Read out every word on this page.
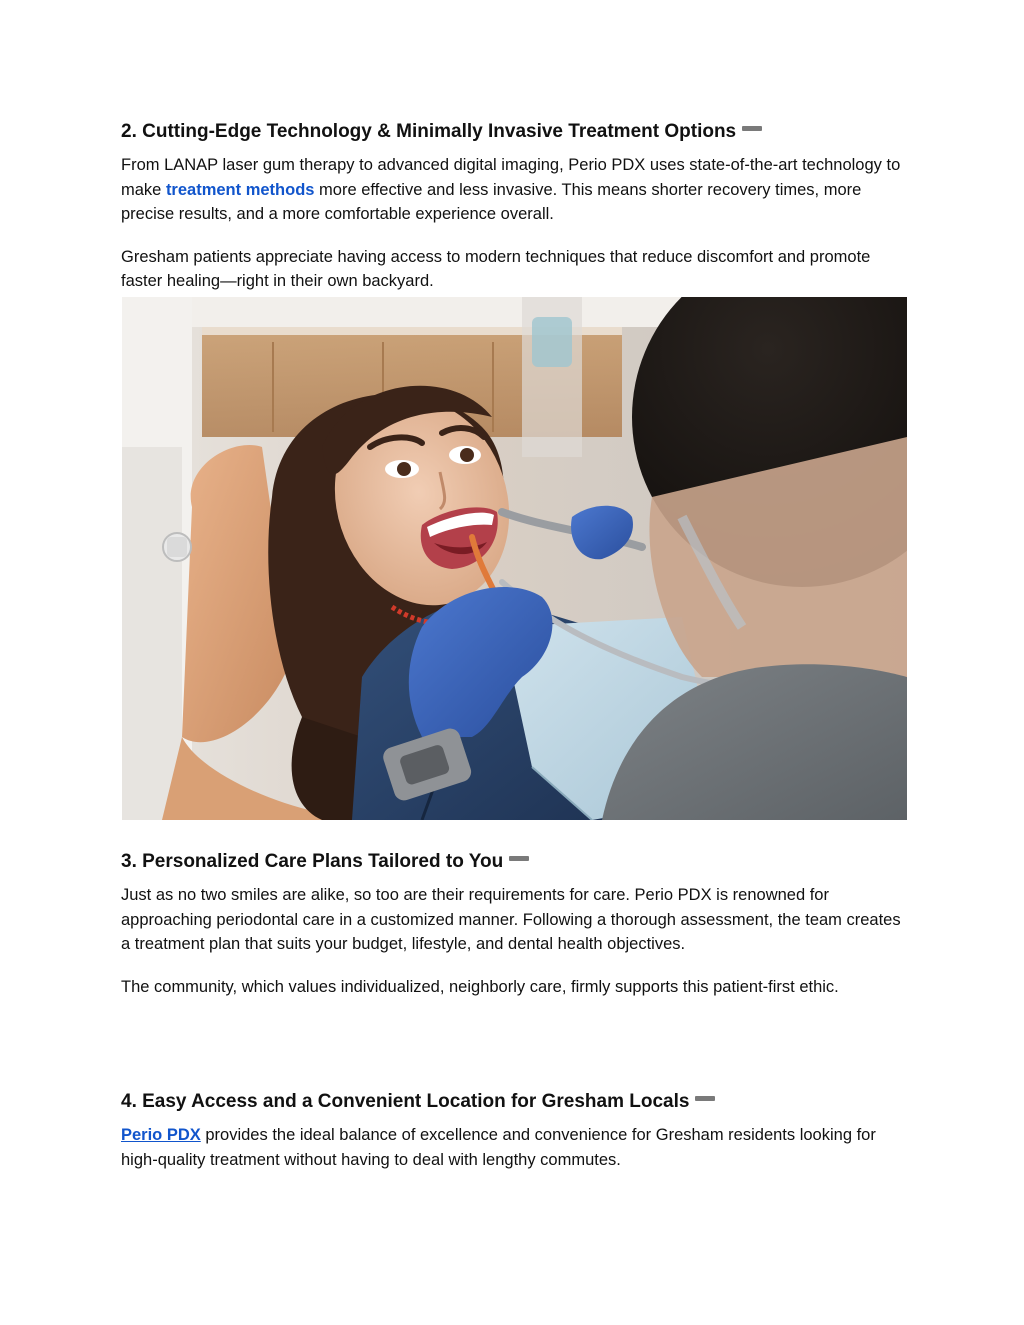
2. Cutting-Edge Technology & Minimally Invasive Treatment Options

From LANAP laser gum therapy to advanced digital imaging, Perio PDX uses state-of-the-art technology to make treatment methods more effective and less invasive. This means shorter recovery times, more precise results, and a more comfortable experience overall.

Gresham patients appreciate having access to modern techniques that reduce discomfort and promote faster healing—right in their own backyard.

3. Personalized Care Plans Tailored to You

Just as no two smiles are alike, so too are their requirements for care. Perio PDX is renowned for approaching periodontal care in a customized manner. Following a thorough assessment, the team creates a treatment plan that suits your budget, lifestyle, and dental health objectives.

The community, which values individualized, neighborly care, firmly supports this patient-first ethic.

4. Easy Access and a Convenient Location for Gresham Locals

Perio PDX provides the ideal balance of excellence and convenience for Gresham residents looking for high-quality treatment without having to deal with lengthy commutes.
